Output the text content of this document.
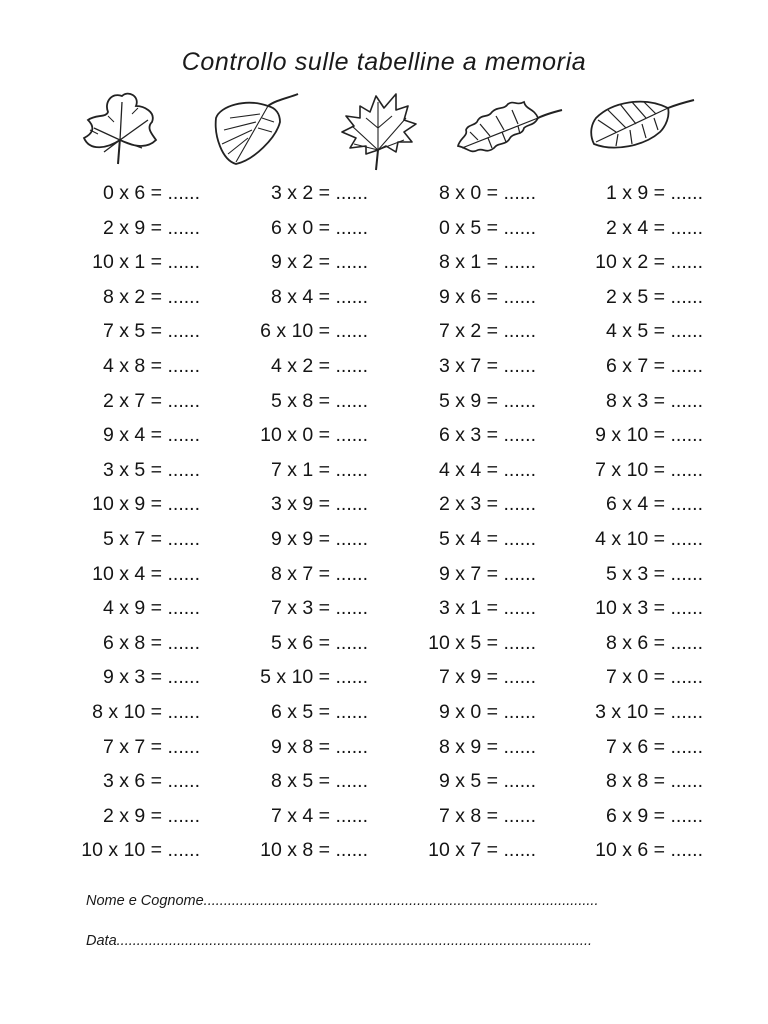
Controllo sulle tabelline a memoria
0 x 6 = ......
2 x 9 = ......
10 x 1 = ......
8 x 2 = ......
7 x 5 = ......
4 x 8 = ......
2 x 7 = ......
9 x 4 = ......
3 x 5 = ......
10 x 9 = ......
5 x 7 = ......
10 x 4 = ......
4 x 9 = ......
6 x 8 = ......
9 x 3 = ......
8 x 10 = ......
7 x 7 = ......
3 x 6 = ......
2 x 9 = ......
10 x 10 = ......
3 x 2 = ......
6 x 0 = ......
9 x 2 = ......
8 x 4 = ......
6 x 10 = ......
4 x 2 = ......
5 x 8 = ......
10 x 0 = ......
7 x 1 = ......
3 x 9 = ......
9 x 9 = ......
8 x 7 = ......
7 x 3 = ......
5 x 6 = ......
5 x 10 = ......
6 x 5 = ......
9 x 8 = ......
8 x 5 = ......
7 x 4 = ......
10 x 8 = ......
8 x 0 = ......
0 x 5 = ......
8 x 1 = ......
9 x 6 = ......
7 x 2 = ......
3 x 7 = ......
5 x 9 = ......
6 x 3 = ......
4 x 4 = ......
2 x 3 = ......
5 x 4 = ......
9 x 7 = ......
3 x 1 = ......
10 x 5 = ......
7 x 9 = ......
9 x 0 = ......
8 x 9 = ......
9 x 5 = ......
7 x 8 = ......
10 x 7 = ......
1 x 9 = ......
2 x 4 = ......
10 x 2 = ......
2 x 5 = ......
4 x 5 = ......
6 x 7 = ......
8 x 3 = ......
9 x 10 = ......
7 x 10 = ......
6 x 4 = ......
4 x 10 = ......
5 x 3 = ......
10 x 3 = ......
8 x 6 = ......
7 x 0 = ......
3 x 10 = ......
7 x 6 = ......
8 x 8 = ......
6 x 9 = ......
10 x 6 = ......
Nome e Cognome..................................................................................................
Data......................................................................................................................
